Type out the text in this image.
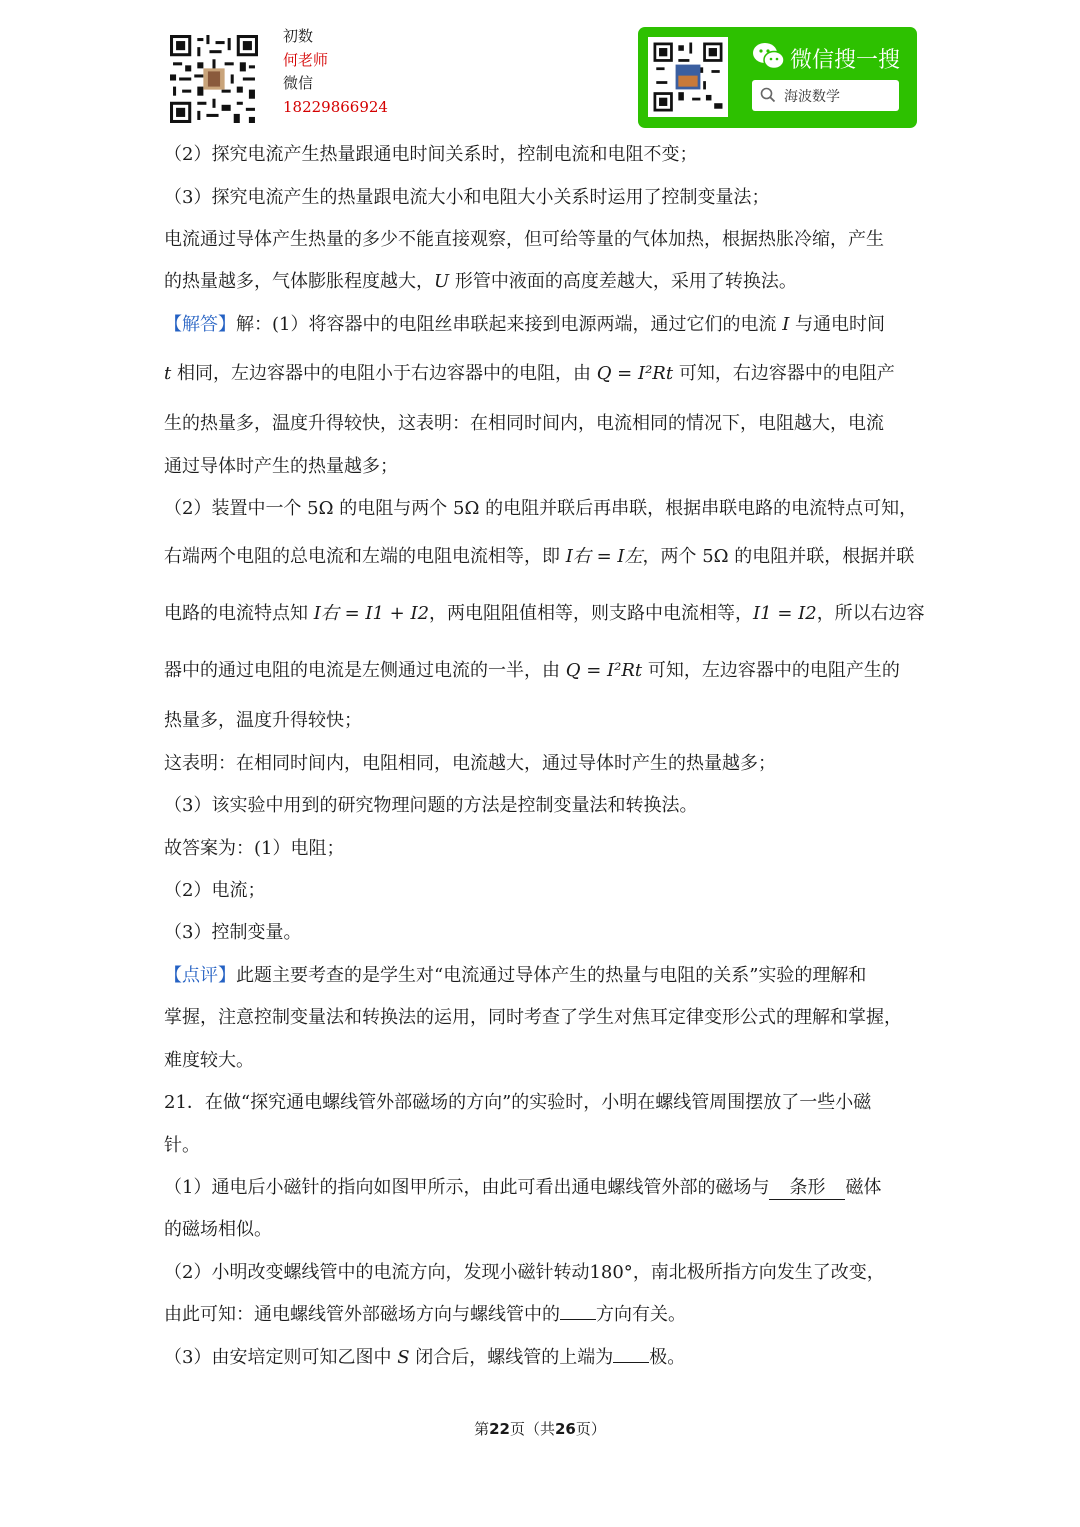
初数
何老师
微信
18229866924
微信搜一搜
海波数学
（2）探究电流产生热量跟通电时间关系时，控制电流和电阻不变；
（3）探究电流产生的热量跟电流大小和电阻大小关系时运用了控制变量法；
电流通过导体产生热量的多少不能直接观察，但可给等量的气体加热，根据热胀冷缩，产生
的热量越多，气体膨胀程度越大，U 形管中液面的高度差越大，采用了转换法。
【解答】解：(1）将容器中的电阻丝串联起来接到电源两端，通过它们的电流 I 与通电时间
t 相同，左边容器中的电阻小于右边容器中的电阻，由 Q = I²Rt 可知，右边容器中的电阻产
生的热量多，温度升得较快，这表明：在相同时间内，电流相同的情况下，电阻越大，电流
通过导体时产生的热量越多；
（2）装置中一个 5Ω 的电阻与两个 5Ω 的电阻并联后再串联，根据串联电路的电流特点可知，
右端两个电阻的总电流和左端的电阻电流相等，即 I右 = I左，两个 5Ω 的电阻并联，根据并联
电路的电流特点知 I右 = I1 + I2，两电阻阻值相等，则支路中电流相等，I1 = I2，所以右边容
器中的通过电阻的电流是左侧通过电流的一半，由 Q = I²Rt 可知，左边容器中的电阻产生的
热量多，温度升得较快；
这表明：在相同时间内，电阻相同，电流越大，通过导体时产生的热量越多；
（3）该实验中用到的研究物理问题的方法是控制变量法和转换法。
故答案为：(1）电阻；
（2）电流；
（3）控制变量。
【点评】此题主要考查的是学生对“电流通过导体产生的热量与电阻的关系”实验的理解和
掌握，注意控制变量法和转换法的运用，同时考查了学生对焦耳定律变形公式的理解和掌握，
难度较大。
21．在做“探究通电螺线管外部磁场的方向”的实验时，小明在螺线管周围摆放了一些小磁
针。
（1）通电后小磁针的指向如图甲所示，由此可看出通电螺线管外部的磁场与 条形 磁体
的磁场相似。
（2）小明改变螺线管中的电流方向，发现小磁针转动180°，南北极所指方向发生了改变，
由此可知：通电螺线管外部磁场方向与螺线管中的 方向有关。
（3）由安培定则可知乙图中 S 闭合后，螺线管的上端为 极。
第22页（共26页）
